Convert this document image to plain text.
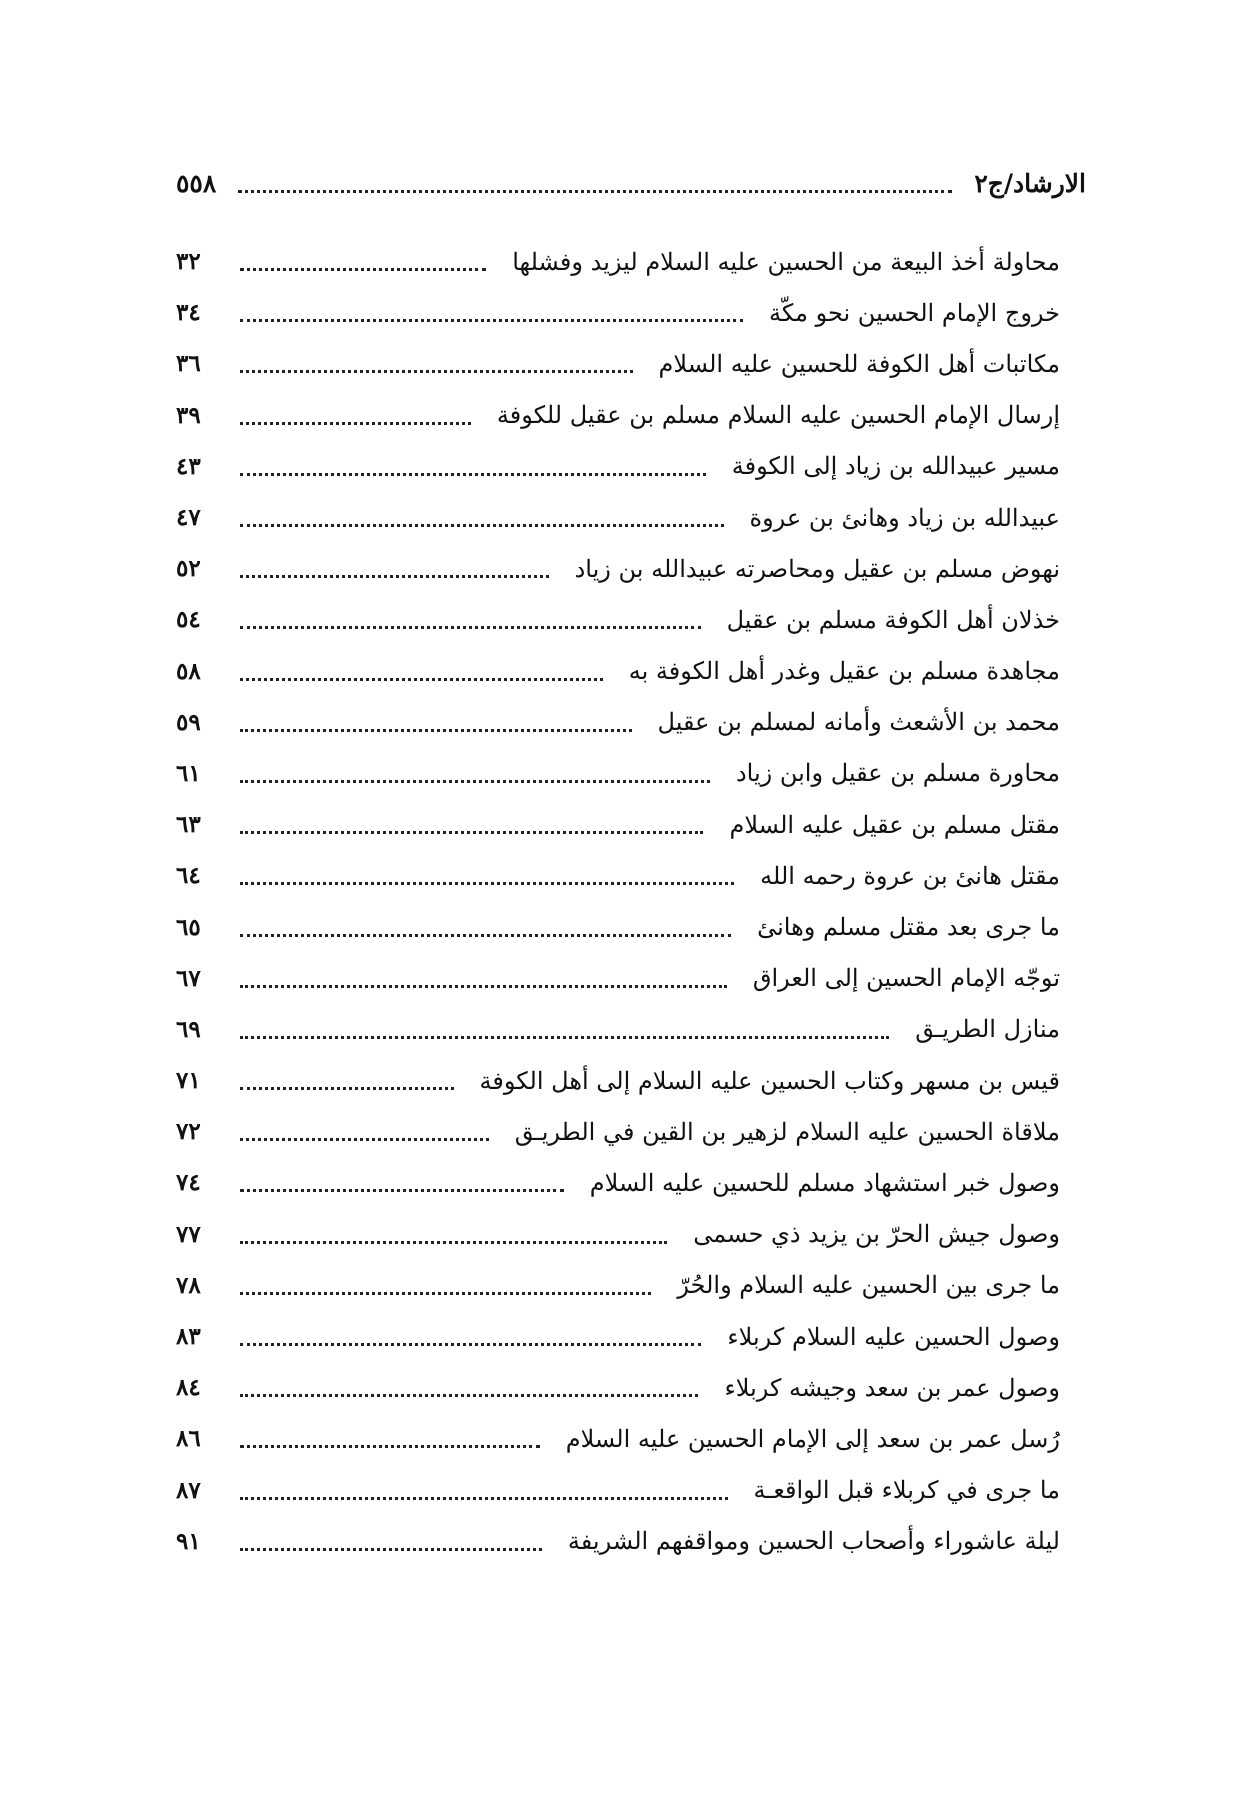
٥٥٨	الارشاد/ج٢
٣٢	محاولة أخذ البيعة من الحسين عليه السلام ليزيد وفشلها
٣٤	خروج الإمام الحسين نحو مكّة
٣٦	مكاتبات أهل الكوفة للحسين عليه السلام
٣٩	إرسال الإمام الحسين عليه السلام مسلم بن عقيل للكوفة
٤٣	مسير عبيدالله بن زياد إلى الكوفة
٤٧	عبيدالله بن زياد وهانئ بن عروة
٥٢	نهوض مسلم بن عقيل ومحاصرته عبيدالله بن زياد
٥٤	خذلان أهل الكوفة مسلم بن عقيل
٥٨	مجاهدة مسلم بن عقيل وغدر أهل الكوفة به
٥٩	محمد بن الأشعث وأمانه لمسلم بن عقيل
٦١	محاورة مسلم بن عقيل وابن زياد
٦٣	مقتل مسلم بن عقيل عليه السلام
٦٤	مقتل هانئ بن عروة رحمه الله
٦٥	ما جرى بعد مقتل مسلم وهانئ
٦٧	توجّه الإمام الحسين إلى العراق
٦٩	منازل الطريـق
٧١	قيس بن مسهر وكتاب الحسين عليه السلام إلى أهل الكوفة
٧٢	ملاقاة الحسين عليه السلام لزهير بن القين في الطريـق
٧٤	وصول خبر استشهاد مسلم للحسين عليه السلام
٧٧	وصول جيش الحرّ بن يزيد ذي حسمى
٧٨	ما جرى بين الحسين عليه السلام والحُرّ
٨٣	وصول الحسين عليه السلام كربلاء
٨٤	وصول عمر بن سعد وجيشه كربلاء
٨٦	رُسل عمر بن سعد إلى الإمام الحسين عليه السلام
٨٧	ما جرى في كربلاء قبل الواقعـة
٩١	ليلة عاشوراء وأصحاب الحسين ومواقفهم الشريفة
